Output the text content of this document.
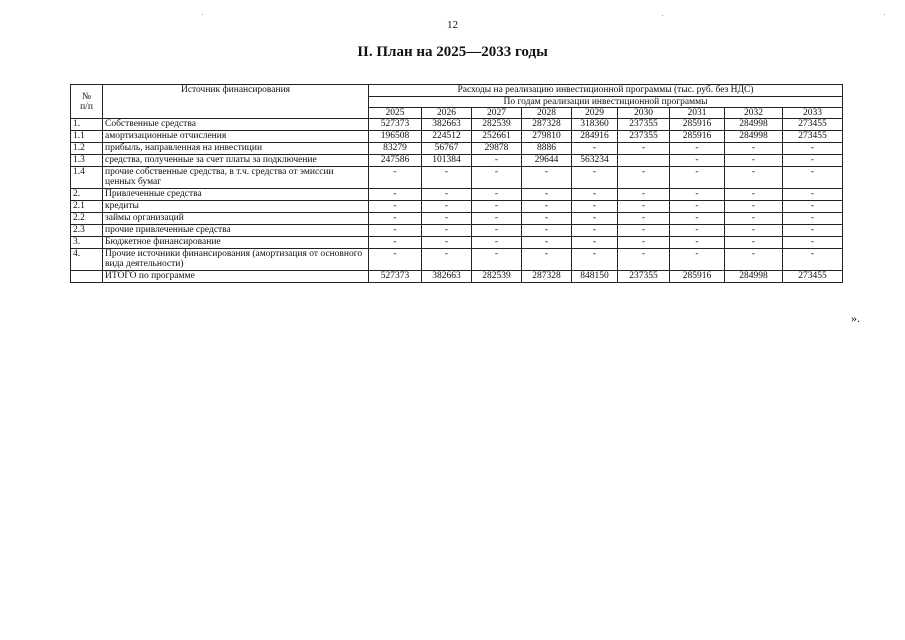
12
II. План на 2025—2033 годы
№
п/п	Источник финансирования	Расходы на реализацию инвестиционной программы (тыс. руб. без НДС)								
		По годам реализации инвестиционной программы								
		2025	2026	2027	2028	2029	2030	2031	2032	2033
1.	Собственные средства	527373	382663	282539	287328	318360	237355	285916	284998	273455
1.1	амортизационные отчисления	196508	224512	252661	279810	284916	237355	285916	284998	273455
1.2	прибыль, направленная на инвестиции	83279	56767	29878	8886	-	-	-	-	-
1.3	средства, полученные за счет платы за подключение	247586	101384	-	29644	563234		-	-	-
1.4	прочие собственные средства, в т.ч. средства от эмиссии ценных бумаг	-	-	-	-	-	-	-	-	-
2.	Привлеченные средства	-	-	-	-	-	-	-	-	-
2.1	кредиты	-	-	-	-	-	-	-	-	-
2.2	займы организаций	-	-	-	-	-	-	-	-	-
2.3	прочие привлеченные средства	-	-	-	-	-	-	-	-	-
3.	Бюджетное финансирование	-	-	-	-	-	-	-	-	-
4.	Прочие источники финансирования (амортизация от основного вида деятельности)	-	-	-	-	-	-	-	-	-
	ИТОГО по программе	527373	382663	282539	287328	848150	237355	285916	284998	273455
».
